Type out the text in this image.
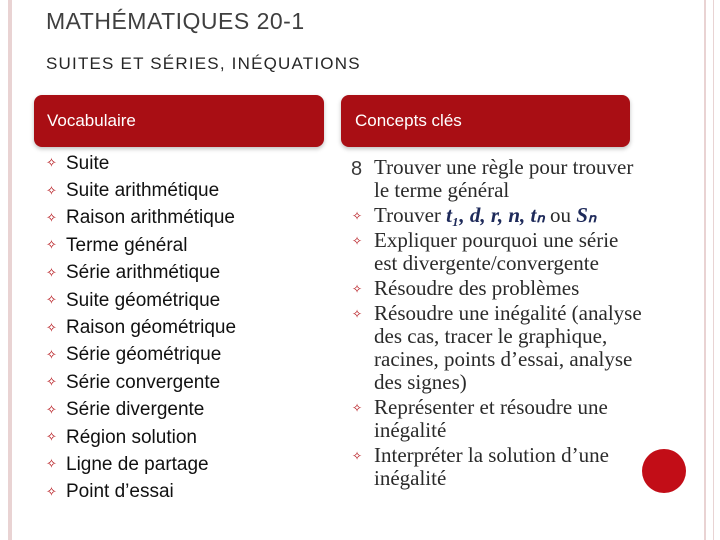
MATHÉMATIQUES 20-1
SUITES ET SÉRIES, INÉQUATIONS
Vocabulaire	Concepts clés
✧ Suite
✧ Suite arithmétique
✧ Raison arithmétique
✧ Terme général
✧ Série arithmétique
✧ Suite géométrique
✧ Raison géométrique
✧ Série géométrique
✧ Série convergente
✧ Série divergente
✧ Région solution
✧ Ligne de partage
✧ Point d’essai
8 Trouver une règle pour trouver le terme général
✧ Trouver t₁, d, r, n, tₙ ou Sₙ
✧ Expliquer pourquoi une série est divergente/convergente
✧ Résoudre des problèmes
✧ Résoudre une inégalité (analyse des cas, tracer le graphique, racines, points d’essai, analyse des signes)
✧ Représenter et résoudre une inégalité
✧ Interpréter la solution d’une inégalité
